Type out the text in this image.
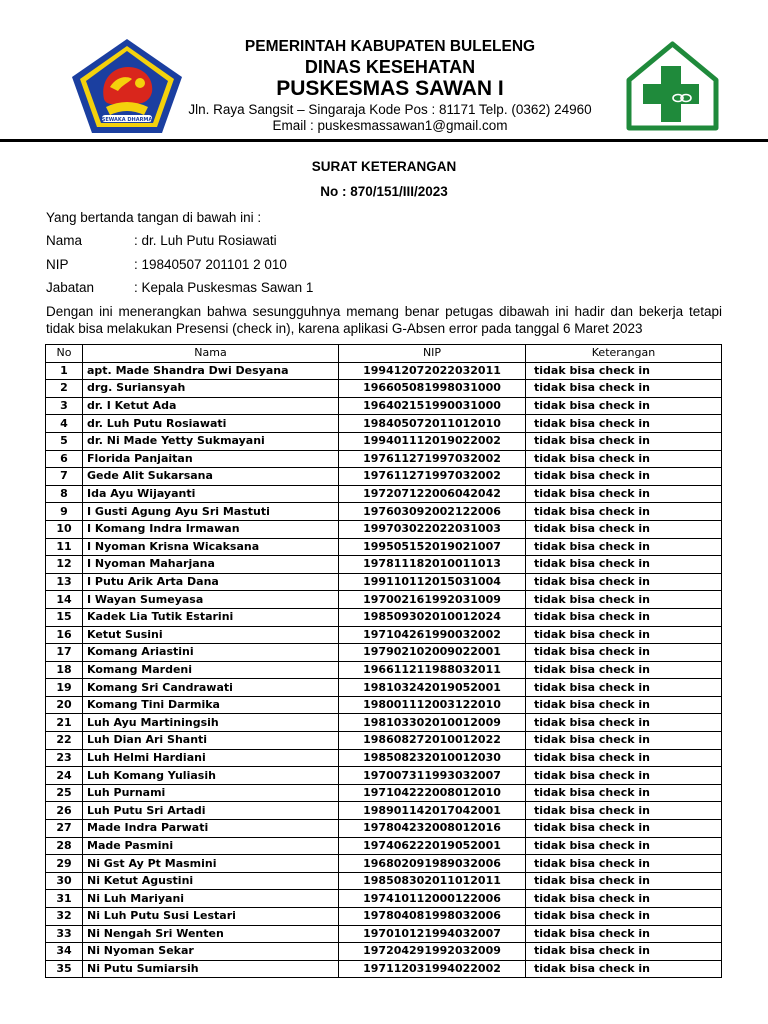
SEWAKA DHARMA
PEMERINTAH KABUPATEN BULELENG
DINAS KESEHATAN
PUSKESMAS SAWAN I
Jln. Raya Sangsit – Singaraja Kode Pos : 81171 Telp. (0362) 24960
Email : puskesmassawan1@gmail.com
SURAT KETERANGAN
No : 870/151/III/2023
Yang bertanda tangan di bawah ini :
Nama	: dr. Luh Putu Rosiawati
NIP	: 19840507 201101 2 010
Jabatan	: Kepala Puskesmas Sawan 1
Dengan ini menerangkan bahwa sesungguhnya memang benar petugas dibawah ini hadir dan bekerja tetapi tidak bisa melakukan Presensi (check in), karena aplikasi G-Absen error pada tanggal 6 Maret 2023
No	Nama	NIP	Keterangan
1	apt. Made Shandra Dwi Desyana	199412072022032011	tidak bisa check in
2	drg. Suriansyah	196605081998031000	tidak bisa check in
3	dr. I Ketut Ada	196402151990031000	tidak bisa check in
4	dr. Luh Putu Rosiawati	198405072011012010	tidak bisa check in
5	dr. Ni Made Yetty Sukmayani	199401112019022002	tidak bisa check in
6	Florida Panjaitan	197611271997032002	tidak bisa check in
7	Gede Alit Sukarsana	197611271997032002	tidak bisa check in
8	Ida Ayu Wijayanti	197207122006042042	tidak bisa check in
9	I Gusti Agung Ayu Sri Mastuti	197603092002122006	tidak bisa check in
10	I Komang Indra Irmawan	199703022022031003	tidak bisa check in
11	I Nyoman Krisna Wicaksana	199505152019021007	tidak bisa check in
12	I Nyoman Maharjana	197811182010011013	tidak bisa check in
13	I Putu Arik Arta Dana	199110112015031004	tidak bisa check in
14	I Wayan Sumeyasa	197002161992031009	tidak bisa check in
15	Kadek Lia Tutik Estarini	198509302010012024	tidak bisa check in
16	Ketut Susini	197104261990032002	tidak bisa check in
17	Komang Ariastini	197902102009022001	tidak bisa check in
18	Komang Mardeni	196611211988032011	tidak bisa check in
19	Komang Sri Candrawati	198103242019052001	tidak bisa check in
20	Komang Tini Darmika	198001112003122010	tidak bisa check in
21	Luh Ayu Martiningsih	198103302010012009	tidak bisa check in
22	Luh Dian Ari Shanti	198608272010012022	tidak bisa check in
23	Luh Helmi Hardiani	198508232010012030	tidak bisa check in
24	Luh Komang Yuliasih	197007311993032007	tidak bisa check in
25	Luh Purnami	197104222008012010	tidak bisa check in
26	Luh Putu Sri Artadi	198901142017042001	tidak bisa check in
27	Made Indra Parwati	197804232008012016	tidak bisa check in
28	Made Pasmini	197406222019052001	tidak bisa check in
29	Ni Gst Ay Pt Masmini	196802091989032006	tidak bisa check in
30	Ni Ketut Agustini	198508302011012011	tidak bisa check in
31	Ni Luh Mariyani	197410112000122006	tidak bisa check in
32	Ni Luh Putu Susi Lestari	197804081998032006	tidak bisa check in
33	Ni Nengah Sri Wenten	197010121994032007	tidak bisa check in
34	Ni Nyoman Sekar	197204291992032009	tidak bisa check in
35	Ni Putu Sumiarsih	197112031994022002	tidak bisa check in
